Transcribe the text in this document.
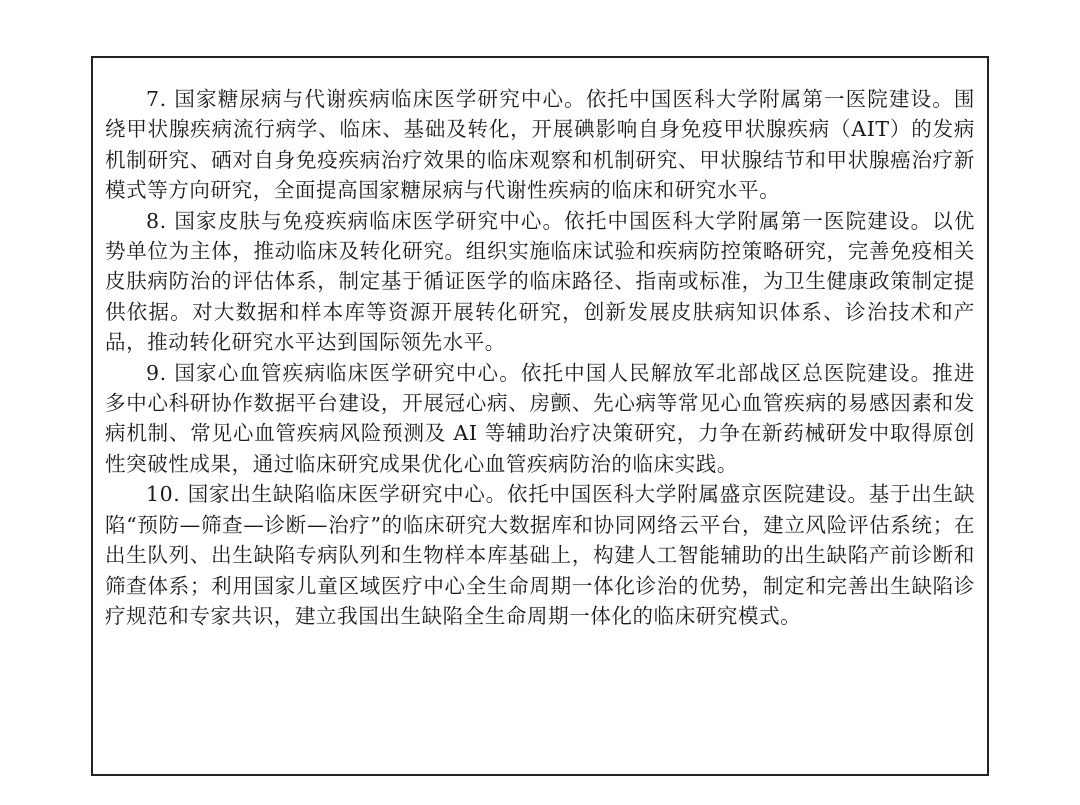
7. 国家糖尿病与代谢疾病临床医学研究中心。依托中国医科大学附属第一医院建设。围绕甲状腺疾病流行病学、临床、基础及转化，开展碘影响自身免疫甲状腺疾病（AIT）的发病机制研究、硒对自身免疫疾病治疗效果的临床观察和机制研究、甲状腺结节和甲状腺癌治疗新模式等方向研究，全面提高国家糖尿病与代谢性疾病的临床和研究水平。

8. 国家皮肤与免疫疾病临床医学研究中心。依托中国医科大学附属第一医院建设。以优势单位为主体，推动临床及转化研究。组织实施临床试验和疾病防控策略研究，完善免疫相关皮肤病防治的评估体系，制定基于循证医学的临床路径、指南或标准，为卫生健康政策制定提供依据。对大数据和样本库等资源开展转化研究，创新发展皮肤病知识体系、诊治技术和产品，推动转化研究水平达到国际领先水平。

9. 国家心血管疾病临床医学研究中心。依托中国人民解放军北部战区总医院建设。推进多中心科研协作数据平台建设，开展冠心病、房颤、先心病等常见心血管疾病的易感因素和发病机制、常见心血管疾病风险预测及 AI 等辅助治疗决策研究，力争在新药械研发中取得原创性突破性成果，通过临床研究成果优化心血管疾病防治的临床实践。

10. 国家出生缺陷临床医学研究中心。依托中国医科大学附属盛京医院建设。基于出生缺陷“预防—筛查—诊断—治疗”的临床研究大数据库和协同网络云平台，建立风险评估系统；在出生队列、出生缺陷专病队列和生物样本库基础上，构建人工智能辅助的出生缺陷产前诊断和筛查体系；利用国家儿童区域医疗中心全生命周期一体化诊治的优势，制定和完善出生缺陷诊疗规范和专家共识，建立我国出生缺陷全生命周期一体化的临床研究模式。
